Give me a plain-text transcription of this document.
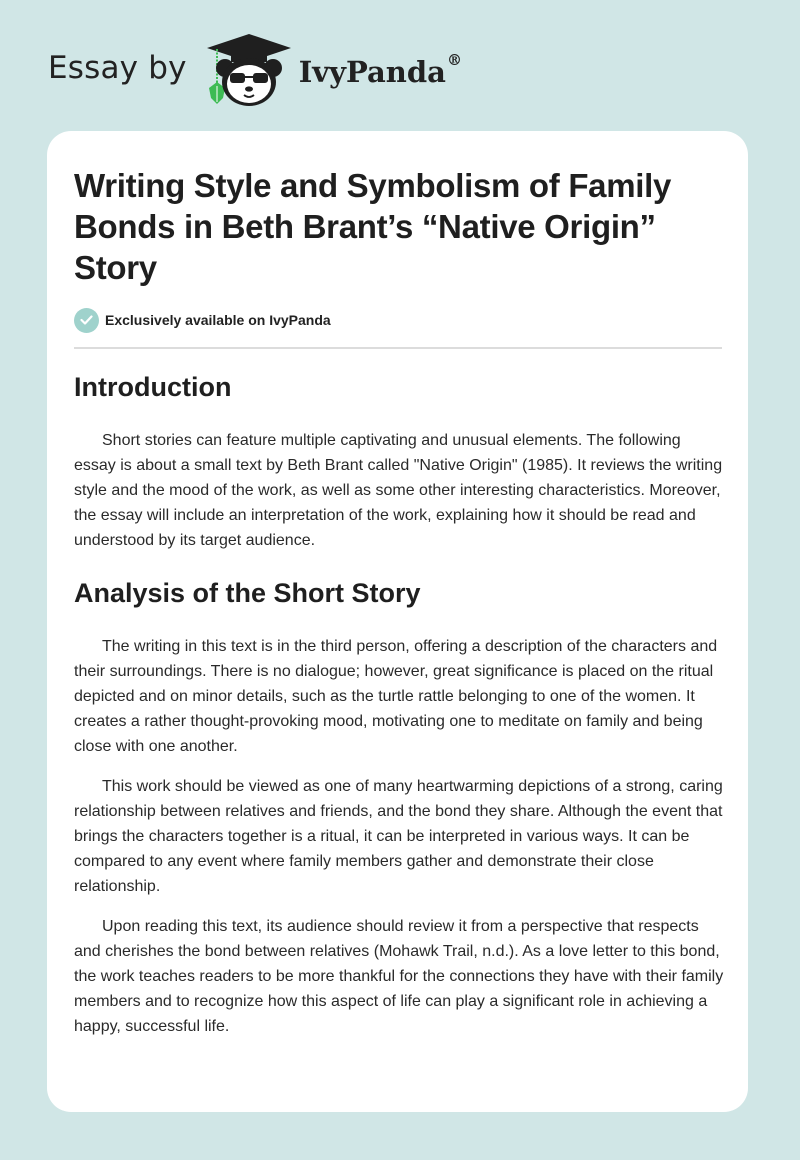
Essay by	IvyPanda®
Writing Style and Symbolism of Family Bonds in Beth Brant’s “Native Origin” Story
Exclusively available on IvyPanda
Introduction

Short stories can feature multiple captivating and unusual elements. The following essay is about a small text by Beth Brant called "Native Origin" (1985). It reviews the writing style and the mood of the work, as well as some other interesting characteristics. Moreover, the essay will include an interpretation of the work, explaining how it should be read and understood by its target audience.

Analysis of the Short Story

The writing in this text is in the third person, offering a description of the characters and their surroundings. There is no dialogue; however, great significance is placed on the ritual depicted and on minor details, such as the turtle rattle belonging to one of the women. It creates a rather thought-provoking mood, motivating one to meditate on family and being close with one another.

This work should be viewed as one of many heartwarming depictions of a strong, caring relationship between relatives and friends, and the bond they share. Although the event that brings the characters together is a ritual, it can be interpreted in various ways. It can be compared to any event where family members gather and demonstrate their close relationship.

Upon reading this text, its audience should review it from a perspective that respects and cherishes the bond between relatives (Mohawk Trail, n.d.). As a love letter to this bond, the work teaches readers to be more thankful for the connections they have with their family members and to recognize how this aspect of life can play a significant role in achieving a happy, successful life.
